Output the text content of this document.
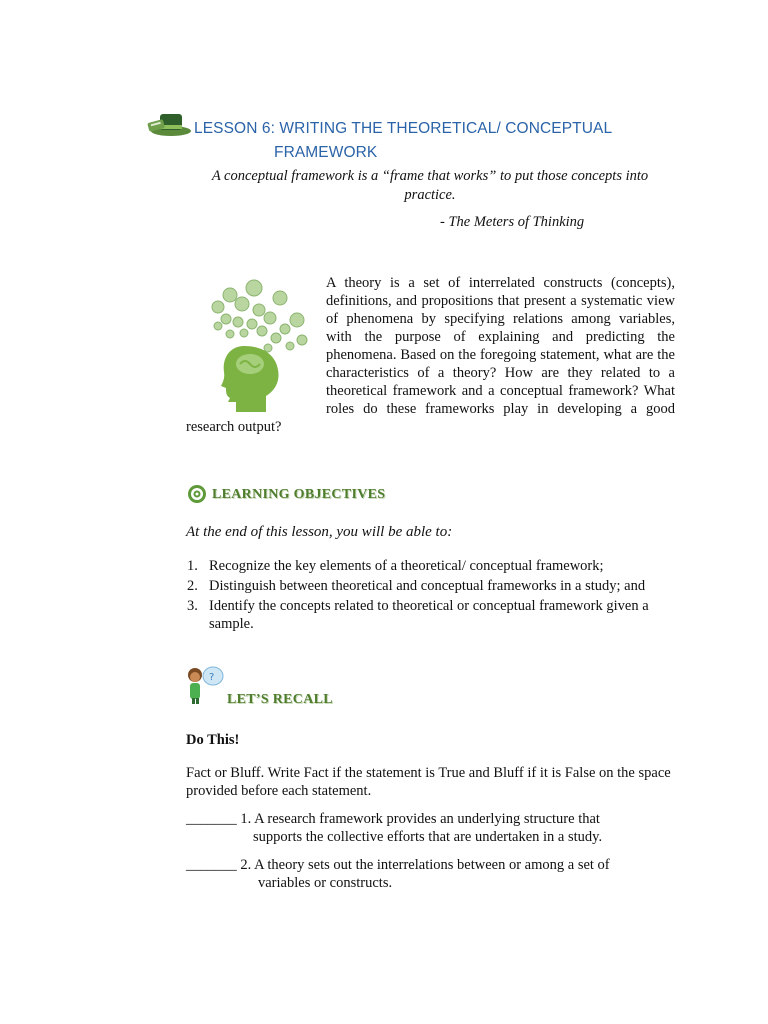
LESSON 6: WRITING THE THEORETICAL/ CONCEPTUAL
FRAMEWORK
A conceptual framework is a “frame that works” to put those concepts into practice.
- The Meters of Thinking
A theory is a set of interrelated constructs (concepts), definitions, and propositions that present a systematic view of phenomena by specifying relations among variables, with the purpose of explaining and predicting the phenomena. Based on the foregoing statement, what are the characteristics of a theory? How are they related to a theoretical framework and a conceptual framework? What roles do these frameworks play in developing a good research output?
LEARNING OBJECTIVES
At the end of this lesson, you will be able to:
1. Recognize the key elements of a theoretical/ conceptual framework;
2. Distinguish between theoretical and conceptual frameworks in a study; and
3. Identify the concepts related to theoretical or conceptual framework given a sample.
?
LET’S RECALL
Do This!
Fact or Bluff. Write Fact if the statement is True and Bluff if it is False on the space provided before each statement.
_______ 1. A research framework provides an underlying structure that
supports the collective efforts that are undertaken in a study.
_______ 2. A theory sets out the interrelations between or among a set of
variables or constructs.
